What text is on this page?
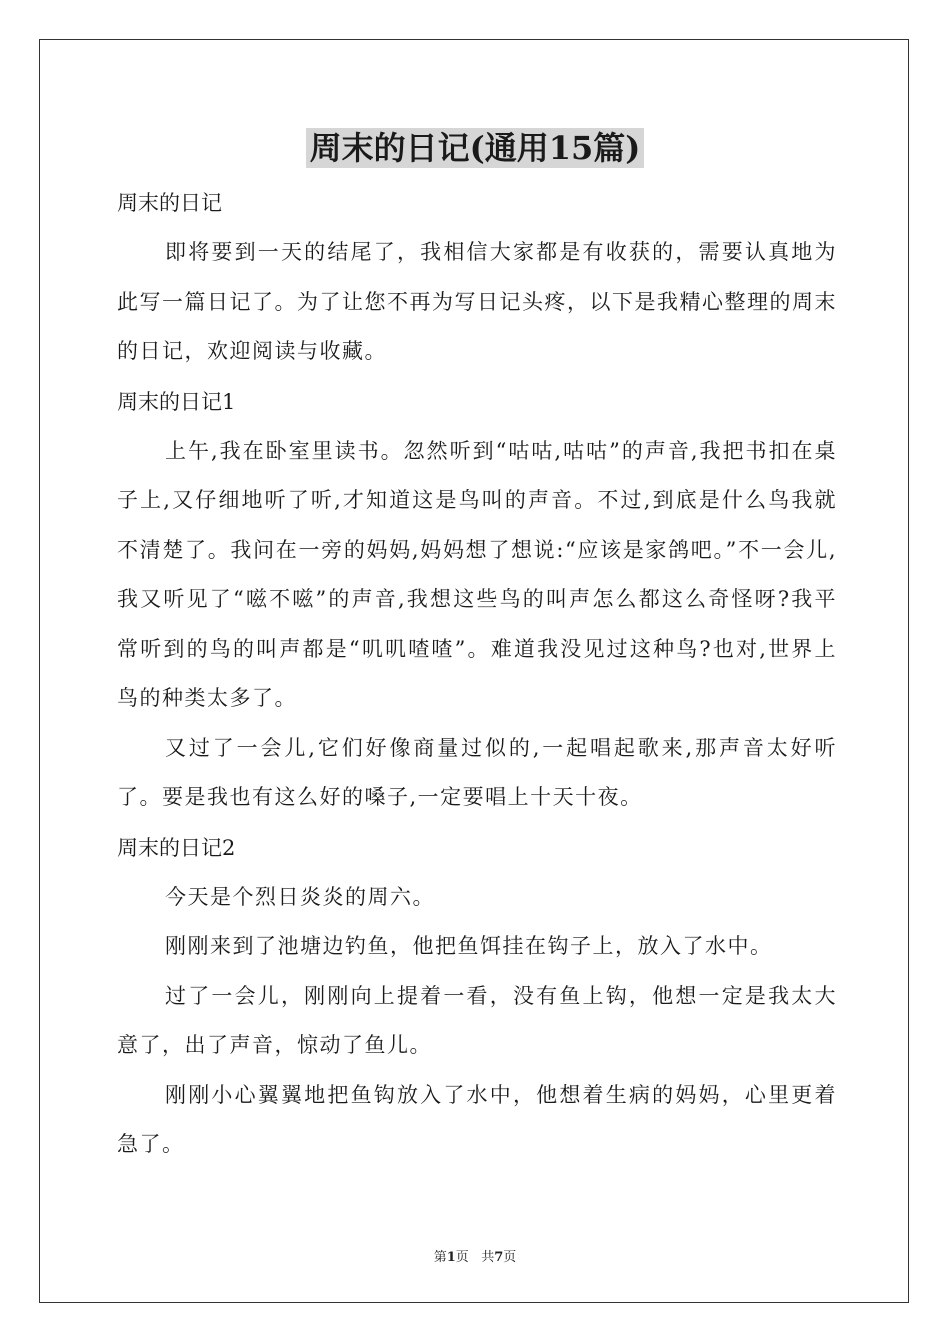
周末的日记(通用15篇)
周末的日记
即将要到一天的结尾了，我相信大家都是有收获的，需要认真地为此写一篇日记了。为了让您不再为写日记头疼，以下是我精心整理的周末的日记，欢迎阅读与收藏。
周末的日记1
上午,我在卧室里读书。忽然听到“咕咕,咕咕”的声音,我把书扣在桌子上,又仔细地听了听,才知道这是鸟叫的声音。不过,到底是什么鸟我就不清楚了。我问在一旁的妈妈,妈妈想了想说:“应该是家鸽吧。”不一会儿,我又听见了“嗞不嗞”的声音,我想这些鸟的叫声怎么都这么奇怪呀?我平常听到的鸟的叫声都是“叽叽喳喳”。难道我没见过这种鸟?也对,世界上鸟的种类太多了。
又过了一会儿,它们好像商量过似的,一起唱起歌来,那声音太好听了。要是我也有这么好的嗓子,一定要唱上十天十夜。
周末的日记2
今天是个烈日炎炎的周六。
刚刚来到了池塘边钓鱼，他把鱼饵挂在钩子上，放入了水中。
过了一会儿，刚刚向上提着一看，没有鱼上钩，他想一定是我太大意了，出了声音，惊动了鱼儿。
刚刚小心翼翼地把鱼钩放入了水中，他想着生病的妈妈，心里更着急了。
第1页 共7页
